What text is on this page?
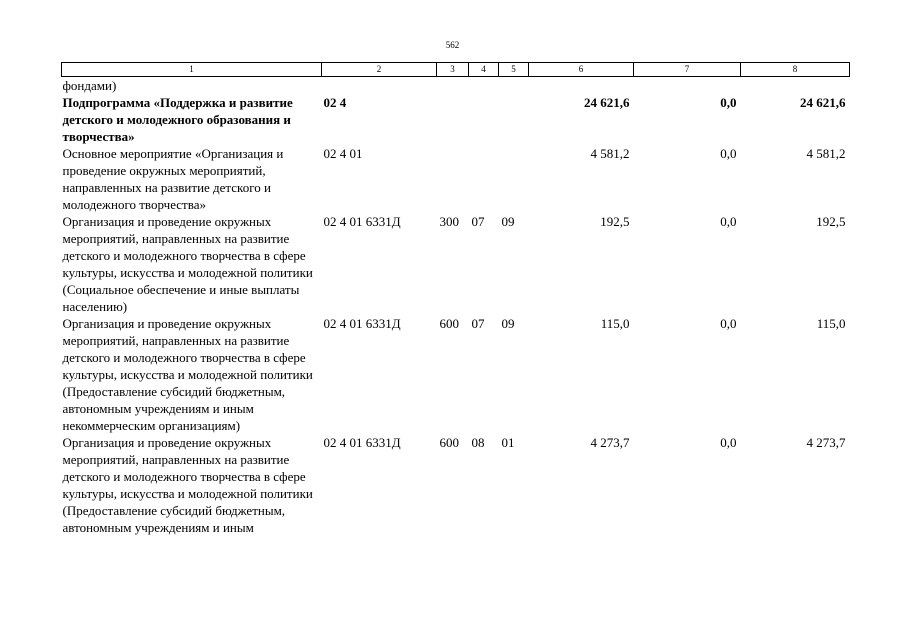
562
1	2	3	4	5	6	7	8
фондами)							
Подпрограмма «Поддержка и развитие детского и молодежного образования и творчества»	02 4				24 621,6	0,0	24 621,6
Основное мероприятие «Организация и проведение окружных мероприятий, направленных на развитие детского и молодежного творчества»	02 4 01				4 581,2	0,0	4 581,2
Организация и проведение окружных мероприятий, направленных на развитие детского и молодежного творчества в сфере культуры, искусства и молодежной политики (Социальное обеспечение и иные выплаты населению)	02 4 01 6331Д	300	07	09	192,5	0,0	192,5
Организация и проведение окружных мероприятий, направленных на развитие детского и молодежного творчества в сфере культуры, искусства и молодежной политики (Предоставление субсидий бюджетным, автономным учреждениям и иным некоммерческим организациям)	02 4 01 6331Д	600	07	09	115,0	0,0	115,0
Организация и проведение окружных мероприятий, направленных на развитие детского и молодежного творчества в сфере культуры, искусства и молодежной политики (Предоставление субсидий бюджетным, автономным учреждениям и иным	02 4 01 6331Д	600	08	01	4 273,7	0,0	4 273,7
